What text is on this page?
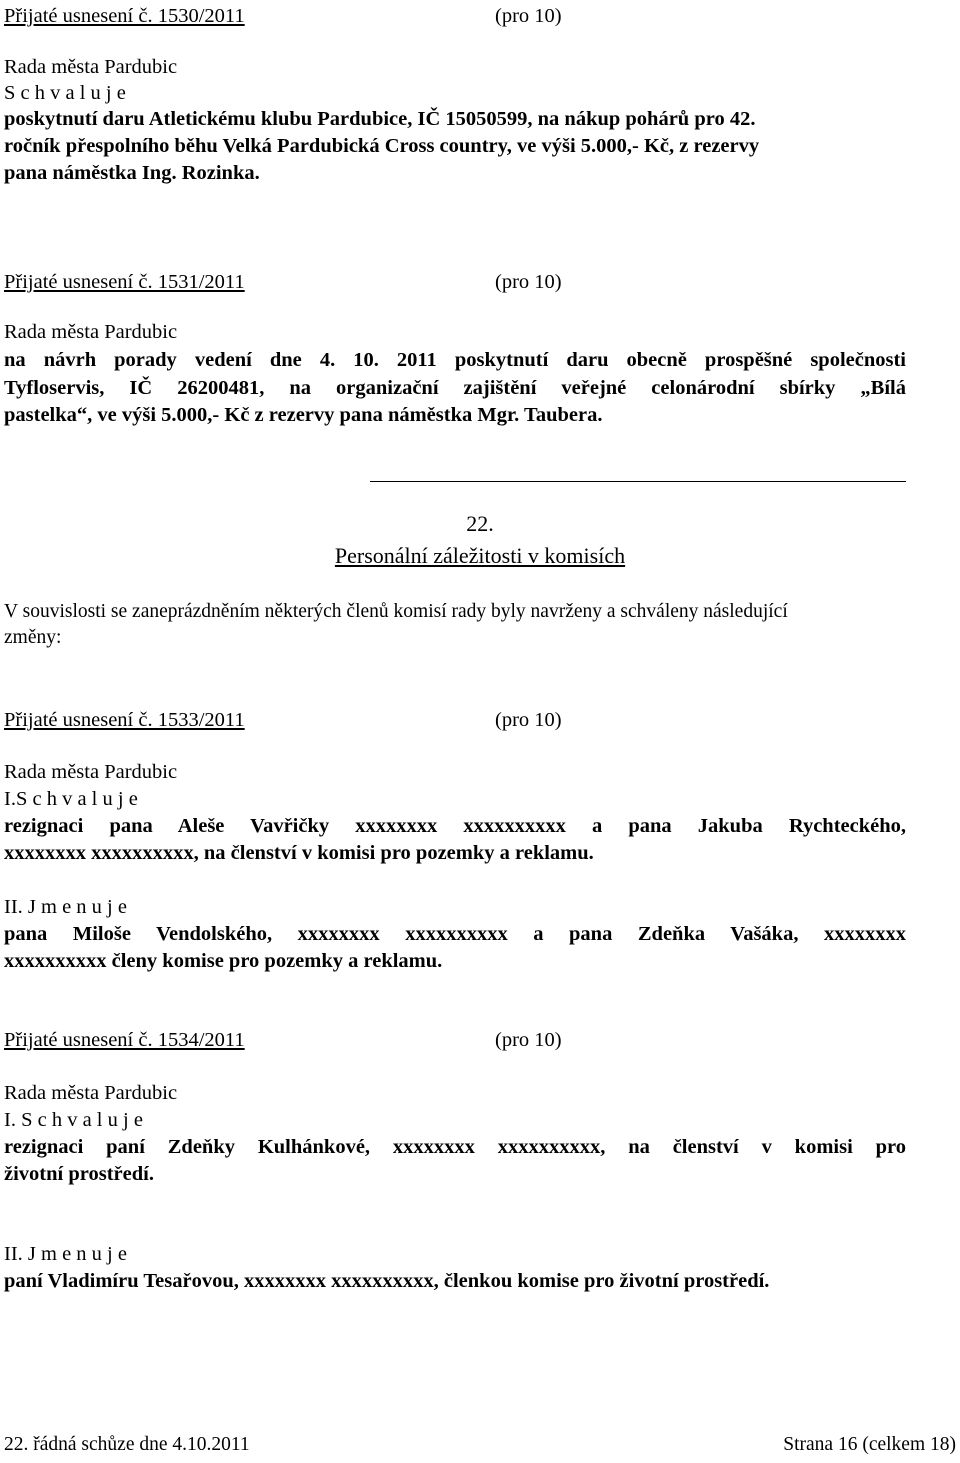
Přijaté usnesení č. 1530/2011	(pro 10)
Rada města Pardubic
S c h v a l u j e
poskytnutí daru Atletickému klubu Pardubice, IČ 15050599, na nákup pohárů pro 42.
ročník přespolního běhu Velká Pardubická Cross country, ve výši 5.000,- Kč, z rezervy
pana náměstka Ing. Rozinka.
Přijaté usnesení č. 1531/2011	(pro 10)
Rada města Pardubic
na návrh porady vedení dne 4. 10. 2011 poskytnutí daru obecně prospěšné společnosti
Tyfloservis, IČ 26200481, na organizační zajištění veřejné celonárodní sbírky „Bílá
pastelka“, ve výši 5.000,- Kč z rezervy pana náměstka Mgr. Taubera.
22.
Personální záležitosti v komisích
V souvislosti se zaneprázdněním některých členů komisí rady byly navrženy a schváleny následující
změny:
Přijaté usnesení č. 1533/2011	(pro 10)
Rada města Pardubic
I.S c h v a l u j e
rezignaci pana Aleše Vavřičky xxxxxxxx xxxxxxxxxx a pana Jakuba Rychteckého,
xxxxxxxx xxxxxxxxxx, na členství v komisi pro pozemky a reklamu.
II. J m e n u j e
pana Miloše Vendolského, xxxxxxxx xxxxxxxxxx a pana Zdeňka Vašáka, xxxxxxxx
xxxxxxxxxx členy komise pro pozemky a reklamu.
Přijaté usnesení č. 1534/2011	(pro 10)
Rada města Pardubic
I. S c h v a l u j e
rezignaci paní Zdeňky Kulhánkové, xxxxxxxx xxxxxxxxxx, na členství v komisi pro
životní prostředí.
II. J m e n u j e
paní Vladimíru Tesařovou, xxxxxxxx xxxxxxxxxx, členkou komise pro životní prostředí.
22. řádná schůze dne 4.10.2011	Strana 16 (celkem 18)
